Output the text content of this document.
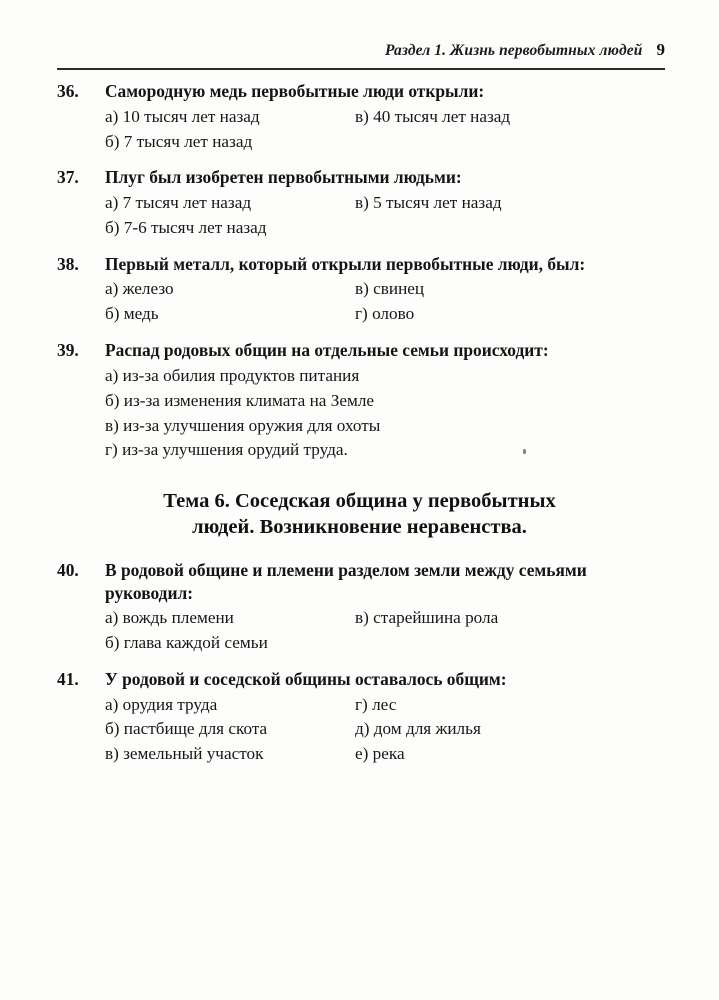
Раздел 1. Жизнь первобытных людей 9
36. Самородную медь первобытные люди открыли:
а) 10 тысяч лет назад
б) 7 тысяч лет назад
в) 40 тысяч лет назад
37. Плуг был изобретен первобытными людьми:
а) 7 тысяч лет назад
б) 7-6 тысяч лет назад
в) 5 тысяч лет назад
38. Первый металл, который открыли первобытные люди, был:
а) железо
б) медь
в) свинец
г) олово
39. Распад родовых общин на отдельные семьи происходит:
а) из-за обилия продуктов питания
б) из-за изменения климата на Земле
в) из-за улучшения оружия для охоты
г) из-за улучшения орудий труда.
Тема 6. Соседская община у первобытных
людей. Возникновение неравенства.
40. В родовой общине и племени разделом земли между семьями руководил:
а) вождь племени
б) глава каждой семьи
в) старейшина рола
41. У родовой и соседской общины оставалось общим:
а) орудия труда
б) пастбище для скота
в) земельный участок
г) лес
д) дом для жилья
е) река
